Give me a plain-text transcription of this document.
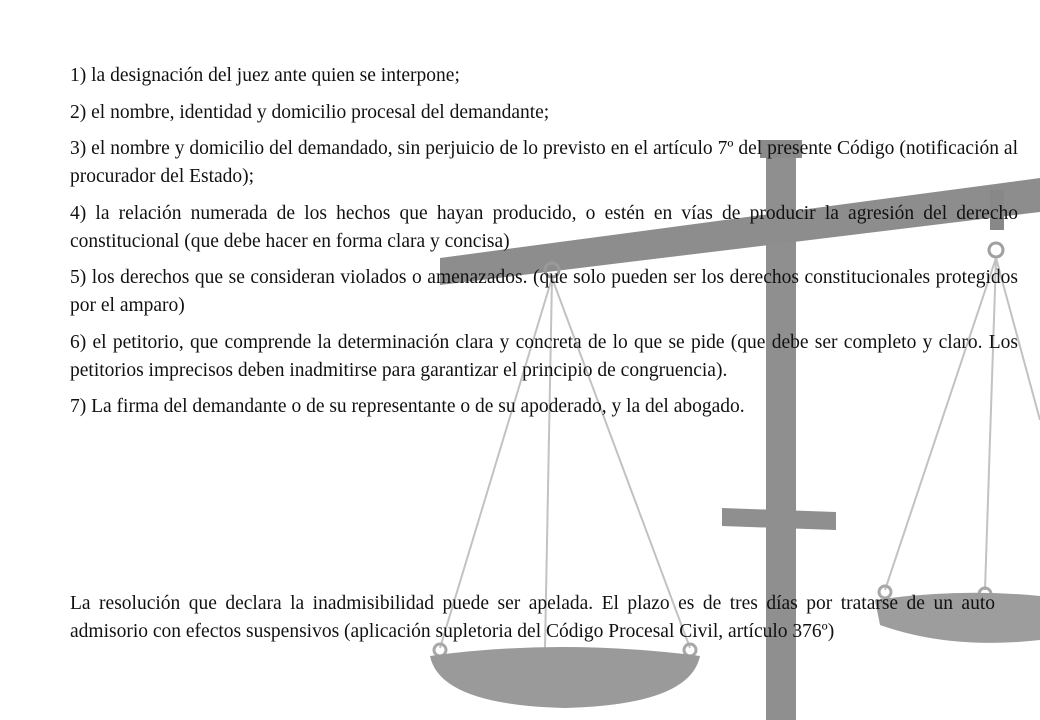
1) la designación del juez ante quien se interpone;

2) el nombre, identidad y domicilio procesal del demandante;

3) el nombre y domicilio del demandado, sin perjuicio de lo previsto en el artículo 7º del presente Código (notificación al procurador del Estado);

4) la relación numerada de los hechos que hayan producido, o estén en vías de producir la agresión del derecho constitucional (que debe hacer en forma clara y concisa)

5) los derechos que se consideran violados o amenazados. (que solo pueden ser los derechos constitucionales protegidos por el amparo)

6) el petitorio, que comprende la determinación clara y concreta de lo que se pide (que debe ser completo y claro. Los petitorios imprecisos deben inadmitirse para garantizar el principio de congruencia).

7) La firma del demandante o de su representante o de su apoderado, y la del abogado.

La resolución que declara la inadmisibilidad puede ser apelada. El plazo es de tres días por tratarse de un auto admisorio con efectos suspensivos (aplicación supletoria del Código Procesal Civil, artículo 376º)
